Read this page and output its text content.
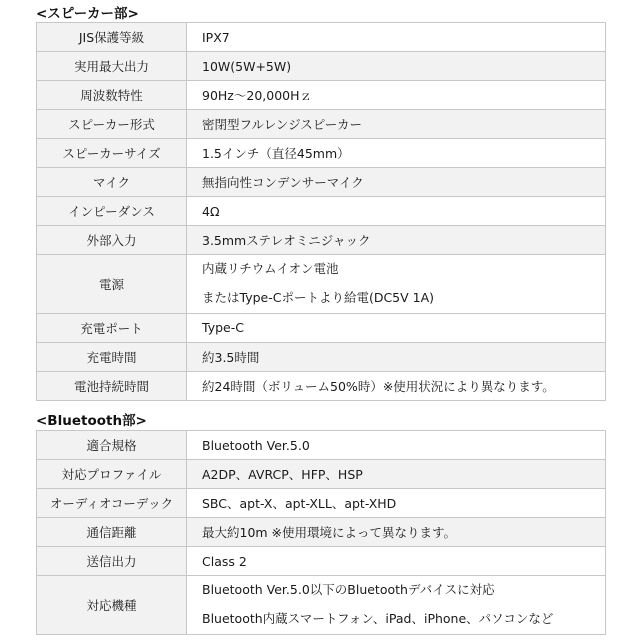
<スピーカー部>
JIS保護等級	IPX7

実用最大出力	10W(5W+5W)

周波数特性	90Hz～20,000Hｚ

スピーカー形式	密閉型フルレンジスピーカー

スピーカーサイズ	1.5インチ（直径45mm）

マイク	無指向性コンデンサーマイク

インピーダンス	4Ω

外部入力	3.5mmステレオミニジャック

電源	内蔵リチウムイオン電池
またはType-Cポートより給電(DC5V 1A)

充電ポート	Type-C

充電時間	約3.5時間

電池持続時間	約24時間（ボリューム50%時）※使用状況により異なります。
<Bluetooth部>
適合規格	Bluetooth Ver.5.0

対応プロファイル	A2DP、AVRCP、HFP、HSP

オーディオコーデック	SBC、apt-X、apt-XLL、apt-XHD

通信距離	最大約10m ※使用環境によって異なります。

送信出力	Class 2

対応機種	Bluetooth Ver.5.0以下のBluetoothデバイスに対応
Bluetooth内蔵スマートフォン、iPad、iPhone、パソコンなど
